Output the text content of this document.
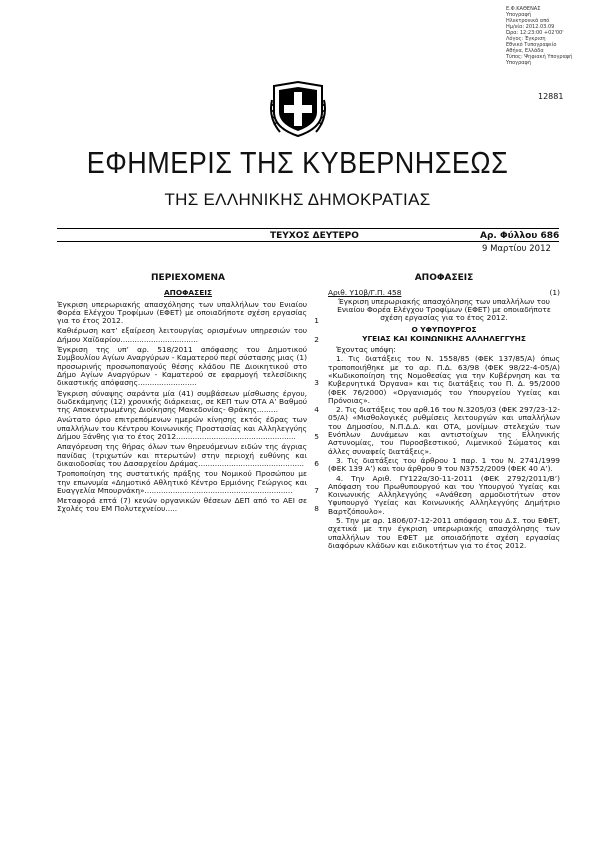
Ε.Φ.ΚΑΘΕΝΑΣ
Υπογραφή
Ηλεκτρονικά από
Ημ/νία: 2012.03.09
Ώρα: 12:23:00 +02'00'
Λόγος: Έγκριση
Εθνικό Τυπογραφείο
Αθήνα, Ελλάδα
Τύπος: Ψηφιακή Υπογραφή
Υπογραφή
12881
ΕΦΗΜΕΡΙΣ ΤΗΣ ΚΥΒΕΡΝΗΣΕΩΣ
ΤΗΣ ΕΛΛΗΝΙΚΗΣ ΔΗΜΟΚΡΑΤΙΑΣ
ΤΕΥΧΟΣ ΔΕΥΤΕΡΟ	Αρ. Φύλλου 686
9 Μαρτίου 2012
ΠΕΡΙΕΧΟΜΕΝΑ
ΑΠΟΦΑΣΕΙΣ
Έγκριση υπερωριακής απασχόλησης των υπαλλήλων του Ενιαίου Φορέα Ελέγχου Τροφίμων (ΕΦΕΤ) με οποιαδήποτε σχέση εργασίας για το έτος 2012.	1
Καθιέρωση κατ’ εξαίρεση λειτουργίας ορισμένων υπηρεσιών του Δήμου Χαϊδαρίου.................................	2
Έγκριση της υπ’ αρ. 518/2011 απόφασης του Δημοτικού Συμβουλίου Αγίων Αναργύρων - Καματερού περί σύστασης μιας (1) προσωρινής προσωποπαγούς θέσης κλάδου ΠΕ Διοικητικού στο Δήμο Αγίων Αναργύρων - Καματερού σε εφαρμογή τελεσίδικης δικαστικής απόφασης.........................	3
Έγκριση σύναψης σαράντα μία (41) συμβάσεων μίσθωσης έργου, δωδεκάμηνης (12) χρονικής διάρκειας, σε ΚΕΠ των ΟΤΑ Α’ Βαθμού της Αποκεντρωμένης Διοίκησης Μακεδονίας- Θράκης.........	4
Ανώτατο όριο επιτρεπόμενων ημερών κίνησης εκτός έδρας των υπαλλήλων του Κέντρου Κοινωνικής Προστασίας και Αλληλεγγύης Δήμου Ξάνθης για το έτος 2012...................................................	5
Απαγόρευση της θήρας όλων των θηρευόμενων ειδών της άγριας πανίδας (τριχωτών και πτερωτών) στην περιοχή ευθύνης και δικαιοδοσίας του Δασαρχείου Δράμας.............................................	6
Τροποποίηση της συστατικής πράξης του Νομικού Προσώπου με την επωνυμία «Δημοτικό Αθλητικό Κέντρο Ερμιόνης Γεώργιος και Ευαγγελία Μπουρνάκη»...............................................................	7
Μεταφορά επτά (7) κενών οργανικών θέσεων ΔΕΠ από το ΑΕΙ σε Σχολές του ΕΜ Πολυτεχνείου.....	8
ΑΠΟΦΑΣΕΙΣ
Αριθ. Υ10β/Γ.Π. 458	(1)
Έγκριση υπερωριακής απασχόλησης των υπαλλήλων του Ενιαίου Φορέα Ελέγχου Τροφίμων (ΕΦΕΤ) με οποιαδήποτε σχέση εργασίας για το έτος 2012.
Ο ΥΦΥΠΟΥΡΓΟΣ
ΥΓΕΙΑΣ ΚΑΙ ΚΟΙΝΩΝΙΚΗΣ ΑΛΛΗΛΕΓΓΥΗΣ
Έχοντας υπόψη:
1. Τις διατάξεις του Ν. 1558/85 (ΦΕΚ 137/85/Α) όπως τροποποιήθηκε με το αρ. Π.Δ. 63/98 (ΦΕΚ 98/22-4-05/Α) «Κωδικοποίηση της Νομοθεσίας για την Κυβέρνηση και τα Κυβερνητικά Όργανα» και τις διατάξεις του Π. Δ. 95/2000 (ΦΕΚ 76/2000) «Οργανισμός του Υπουργείου Υγείας και Πρόνοιας».
2. Τις διατάξεις του αρθ.16 του Ν.3205/03 (ΦΕΚ 297/23-12-05/Α) «Μισθολογικές ρυθμίσεις λειτουργών και υπαλλήλων του Δημοσίου, Ν.Π.Δ.Δ. και ΟΤΑ, μονίμων στελεχών των Ενόπλων Δυνάμεων και αντιστοίχων της Ελληνικής Αστυνομίας, του Πυροσβεστικού, Λιμενικού Σώματος και άλλες συναφείς διατάξεις».
3. Τις διατάξεις του άρθρου 1 παρ. 1 του Ν. 2741/1999 (ΦΕΚ 139 Α’) και του άρθρου 9 του Ν3752/2009 (ΦΕΚ 40 Α’).
4. Την Αριθ. ΓΥ122α/30-11-2011 (ΦΕΚ 2792/2011/Β’) Απόφαση του Πρωθυπουργού και του Υπουργού Υγείας και Κοινωνικής Αλληλεγγύης «Ανάθεση αρμοδιοτήτων στον Υφυπουργό Υγείας και Κοινωνικής Αλληλεγγύης Δημήτριο Βαρτζόπουλο».
5. Την με αρ. 1806/07-12-2011 απόφαση του Δ.Σ. του ΕΦΕΤ, σχετικά με την έγκριση υπερωριακής απασχόλησης των υπαλλήλων του ΕΦΕΤ με οποιαδήποτε σχέση εργασίας διαφόρων κλάδων και ειδικοτήτων για το έτος 2012.
